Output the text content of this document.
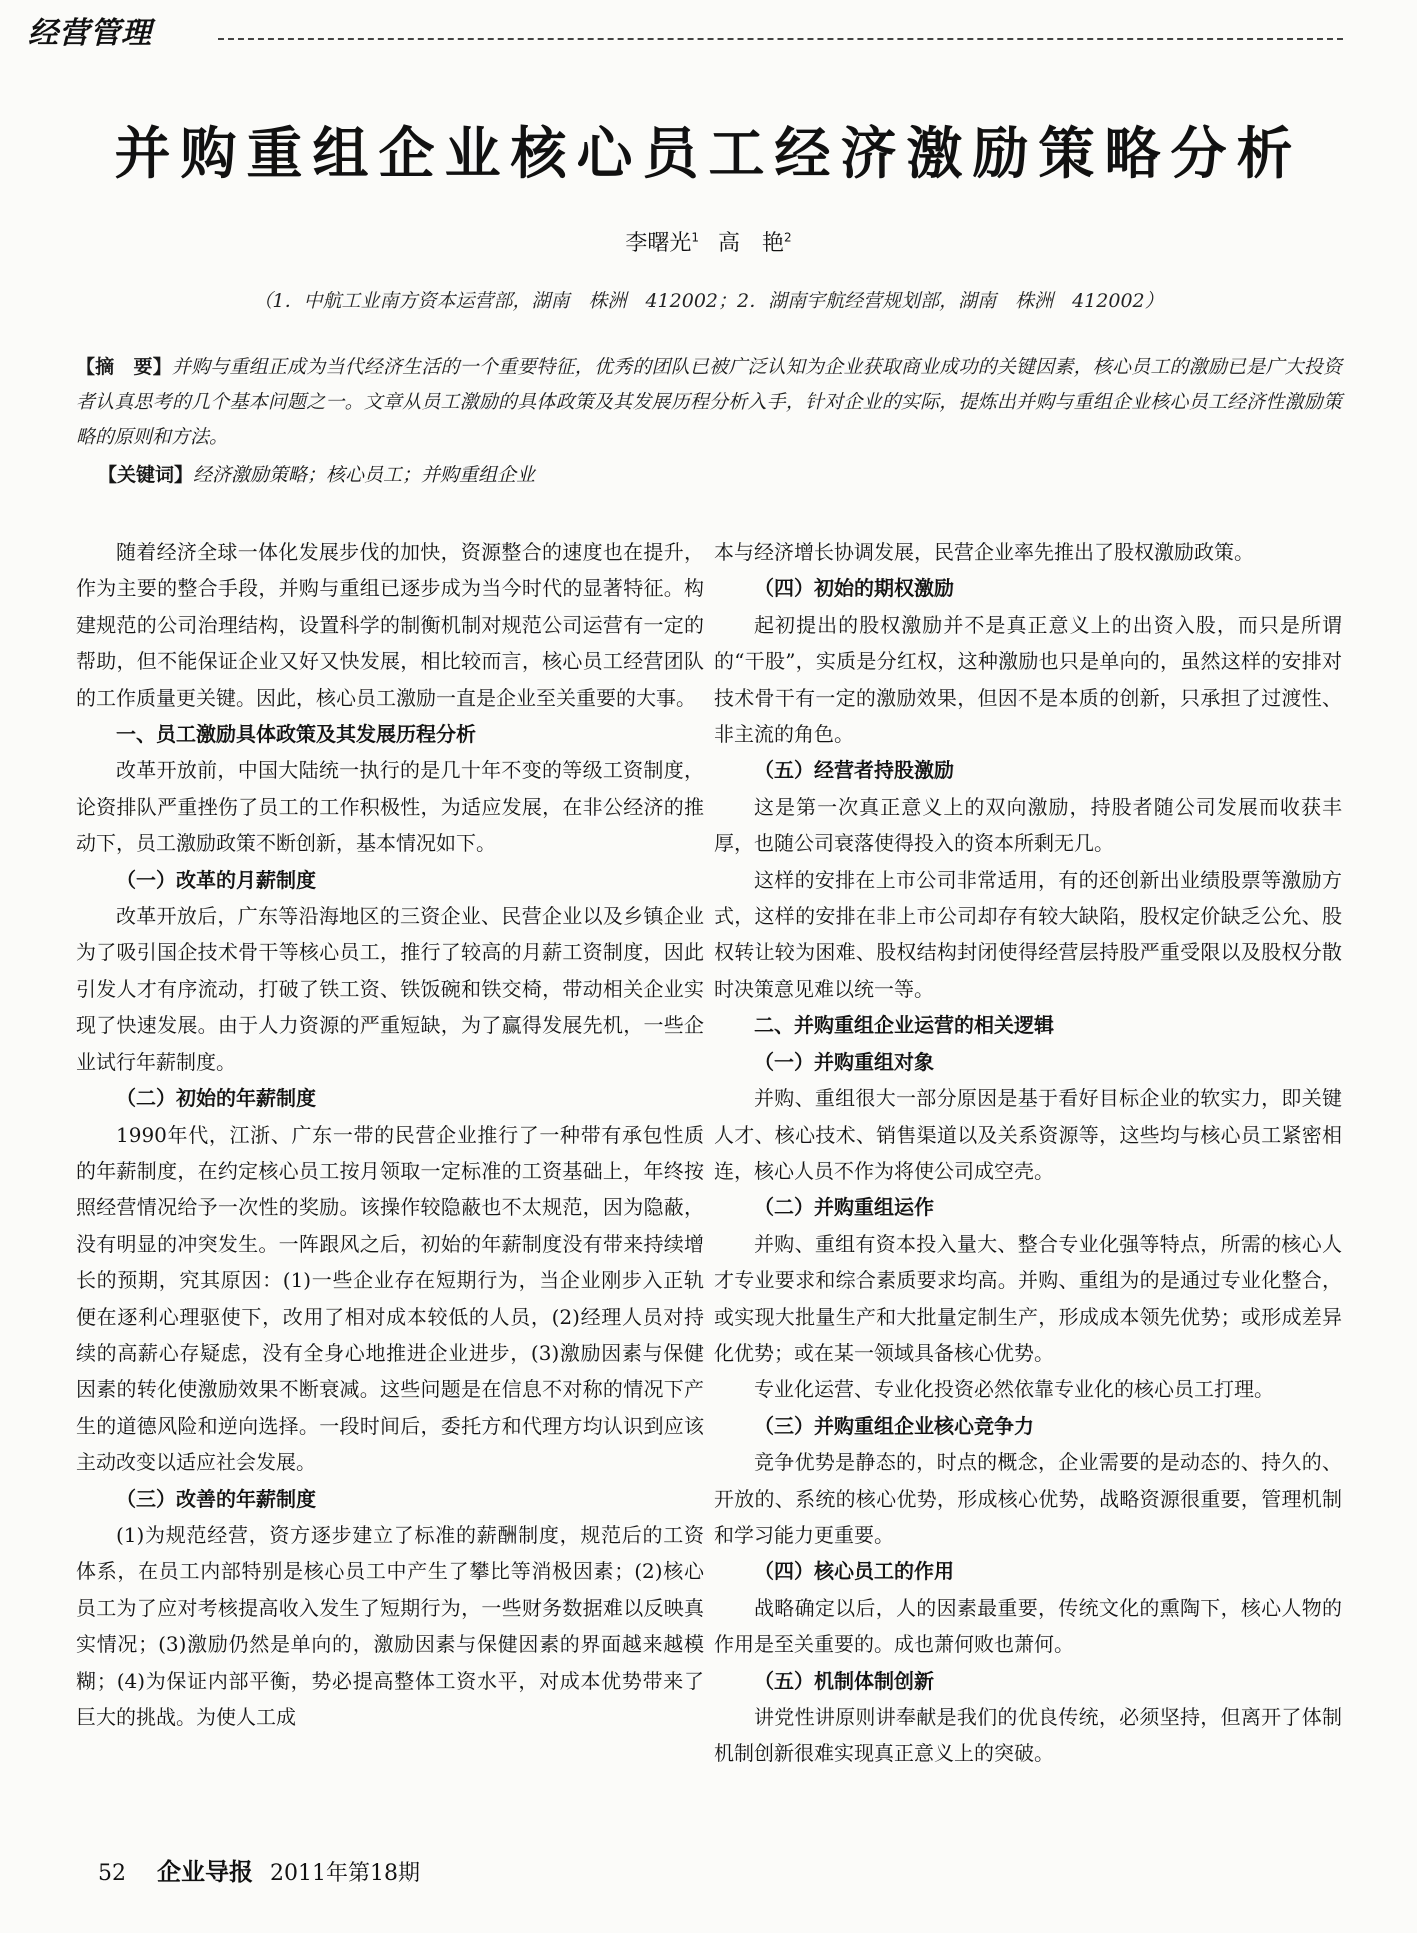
经营管理
并购重组企业核心员工经济激励策略分析
李曙光$^1$ 高　艳$^2$
（1．中航工业南方资本运营部，湖南　株洲　412002；2．湖南宇航经营规划部，湖南　株洲　412002）
【摘　要】并购与重组正成为当代经济生活的一个重要特征，优秀的团队已被广泛认知为企业获取商业成功的关键因素，核心员工的激励已是广大投资者认真思考的几个基本问题之一。文章从员工激励的具体政策及其发展历程分析入手，针对企业的实际，提炼出并购与重组企业核心员工经济性激励策略的原则和方法。
【关键词】经济激励策略；核心员工；并购重组企业

随着经济全球一体化发展步伐的加快，资源整合的速度也在提升，作为主要的整合手段，并购与重组已逐步成为当今时代的显著特征。构建规范的公司治理结构，设置科学的制衡机制对规范公司运营有一定的帮助，但不能保证企业又好又快发展，相比较而言，核心员工经营团队的工作质量更关键。因此，核心员工激励一直是企业至关重要的大事。

一、员工激励具体政策及其发展历程分析

改革开放前，中国大陆统一执行的是几十年不变的等级工资制度，论资排队严重挫伤了员工的工作积极性，为适应发展，在非公经济的推动下，员工激励政策不断创新，基本情况如下。

（一）改革的月薪制度

改革开放后，广东等沿海地区的三资企业、民营企业以及乡镇企业为了吸引国企技术骨干等核心员工，推行了较高的月薪工资制度，因此引发人才有序流动，打破了铁工资、铁饭碗和铁交椅，带动相关企业实现了快速发展。由于人力资源的严重短缺，为了赢得发展先机，一些企业试行年薪制度。

（二）初始的年薪制度

1990年代，江浙、广东一带的民营企业推行了一种带有承包性质的年薪制度，在约定核心员工按月领取一定标准的工资基础上，年终按照经营情况给予一次性的奖励。该操作较隐蔽也不太规范，因为隐蔽，没有明显的冲突发生。一阵跟风之后，初始的年薪制度没有带来持续增长的预期，究其原因：(1)一些企业存在短期行为，当企业刚步入正轨便在逐利心理驱使下，改用了相对成本较低的人员，(2)经理人员对持续的高薪心存疑虑，没有全身心地推进企业进步，(3)激励因素与保健因素的转化使激励效果不断衰减。这些问题是在信息不对称的情况下产生的道德风险和逆向选择。一段时间后，委托方和代理方均认识到应该主动改变以适应社会发展。

（三）改善的年薪制度

(1)为规范经营，资方逐步建立了标准的薪酬制度，规范后的工资体系，在员工内部特别是核心员工中产生了攀比等消极因素；(2)核心员工为了应对考核提高收入发生了短期行为，一些财务数据难以反映真实情况；(3)激励仍然是单向的，激励因素与保健因素的界面越来越模糊；(4)为保证内部平衡，势必提高整体工资水平，对成本优势带来了巨大的挑战。为使人工成

本与经济增长协调发展，民营企业率先推出了股权激励政策。

（四）初始的期权激励

起初提出的股权激励并不是真正意义上的出资入股，而只是所谓的“干股”，实质是分红权，这种激励也只是单向的，虽然这样的安排对技术骨干有一定的激励效果，但因不是本质的创新，只承担了过渡性、非主流的角色。

（五）经营者持股激励

这是第一次真正意义上的双向激励，持股者随公司发展而收获丰厚，也随公司衰落使得投入的资本所剩无几。

这样的安排在上市公司非常适用，有的还创新出业绩股票等激励方式，这样的安排在非上市公司却存有较大缺陷，股权定价缺乏公允、股权转让较为困难、股权结构封闭使得经营层持股严重受限以及股权分散时决策意见难以统一等。

二、并购重组企业运营的相关逻辑
（一）并购重组对象

并购、重组很大一部分原因是基于看好目标企业的软实力，即关键人才、核心技术、销售渠道以及关系资源等，这些均与核心员工紧密相连，核心人员不作为将使公司成空壳。

（二）并购重组运作

并购、重组有资本投入量大、整合专业化强等特点，所需的核心人才专业要求和综合素质要求均高。并购、重组为的是通过专业化整合，或实现大批量生产和大批量定制生产，形成成本领先优势；或形成差异化优势；或在某一领域具备核心优势。

专业化运营、专业化投资必然依靠专业化的核心员工打理。

（三）并购重组企业核心竞争力

竞争优势是静态的，时点的概念，企业需要的是动态的、持久的、开放的、系统的核心优势，形成核心优势，战略资源很重要，管理机制和学习能力更重要。

（四）核心员工的作用

战略确定以后，人的因素最重要，传统文化的熏陶下，核心人物的作用是至关重要的。成也萧何败也萧何。

（五）机制体制创新

讲党性讲原则讲奉献是我们的优良传统，必须坚持，但离开了体制机制创新很难实现真正意义上的突破。

52 企业导报 2011年第18期
